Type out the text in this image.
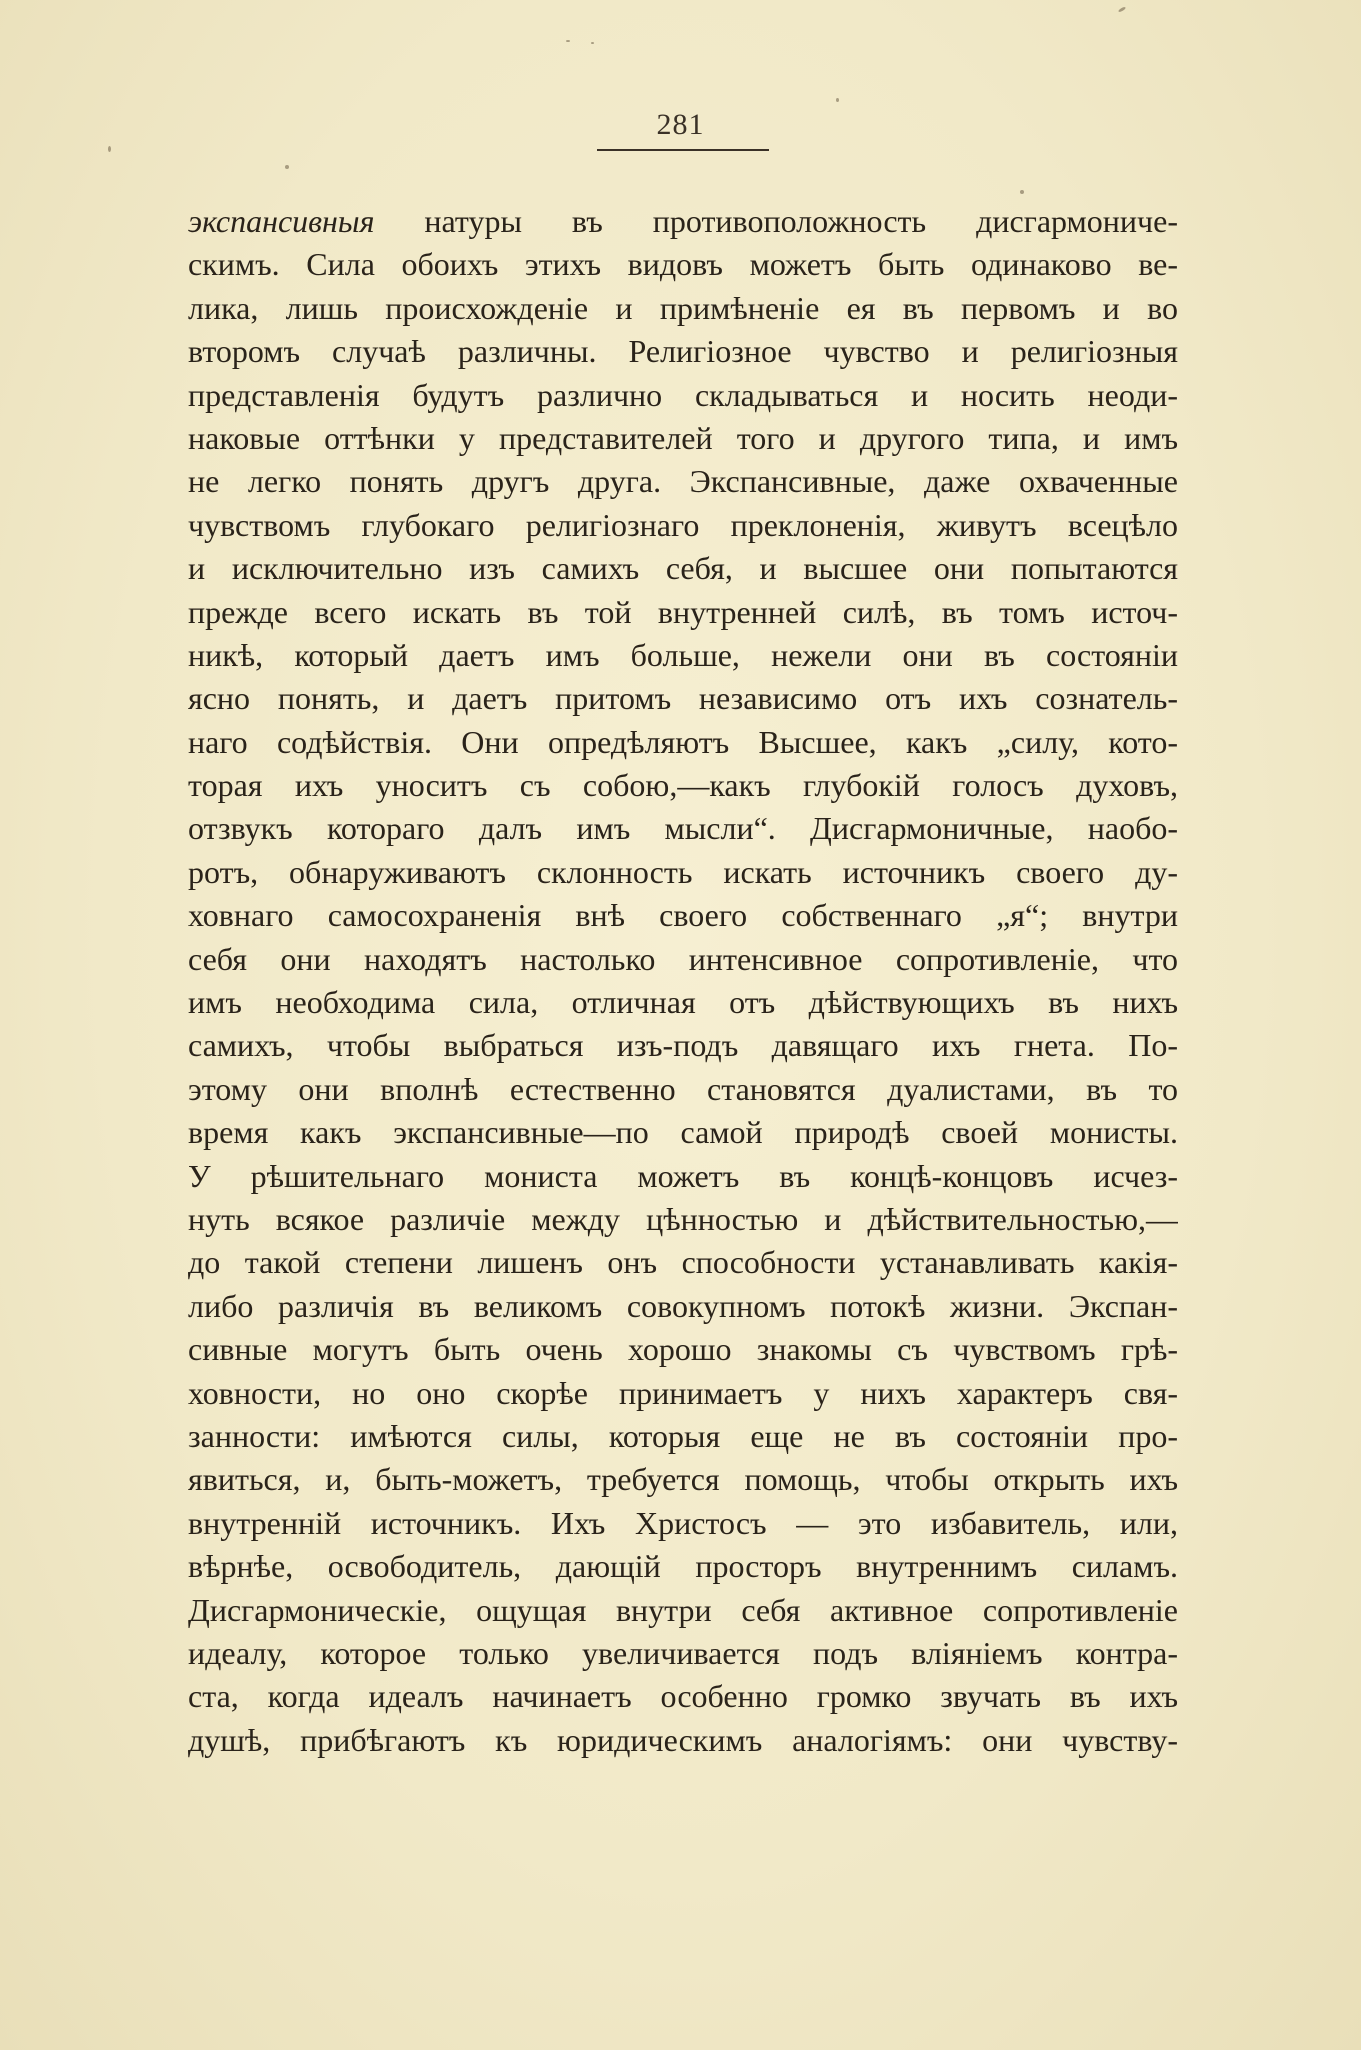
281
экспансивныя натуры въ противоположность дисгармониче-
скимъ. Сила обоихъ этихъ видовъ можетъ быть одинаково ве-
лика, лишь происхожденіе и примѣненіе ея въ первомъ и во
второмъ случаѣ различны. Религіозное чувство и религіозныя
представленія будутъ различно складываться и носить неоди-
наковые оттѣнки у представителей того и другого типа, и имъ
не легко понять другъ друга. Экспансивные, даже охваченные
чувствомъ глубокаго религіознаго преклоненія, живутъ всецѣло
и исключительно изъ самихъ себя, и высшее они попытаются
прежде всего искать въ той внутренней силѣ, въ томъ источ-
никѣ, который даетъ имъ больше, нежели они въ состояніи
ясно понять, и даетъ притомъ независимо отъ ихъ сознатель-
наго содѣйствія. Они опредѣляютъ Высшее, какъ „силу, кото-
торая ихъ уноситъ съ собою,—какъ глубокій голосъ духовъ,
отзвукъ котораго далъ имъ мысли“. Дисгармоничные, наобо-
ротъ, обнаруживаютъ склонность искать источникъ своего ду-
ховнаго самосохраненія внѣ своего собственнаго „я“; внутри
себя они находятъ настолько интенсивное сопротивленіе, что
имъ необходима сила, отличная отъ дѣйствующихъ въ нихъ
самихъ, чтобы выбраться изъ-подъ давящаго ихъ гнета. По-
этому они вполнѣ естественно становятся дуалистами, въ то
время какъ экспансивные—по самой природѣ своей монисты.
У рѣшительнаго мониста можетъ въ концѣ-концовъ исчез-
нуть всякое различіе между цѣнностью и дѣйствительностью,—
до такой степени лишенъ онъ способности устанавливать какія-
либо различія въ великомъ совокупномъ потокѣ жизни. Экспан-
сивные могутъ быть очень хорошо знакомы съ чувствомъ грѣ-
ховности, но оно скорѣе принимаетъ у нихъ характеръ свя-
занности: имѣются силы, которыя еще не въ состояніи про-
явиться, и, быть-можетъ, требуется помощь, чтобы открыть ихъ
внутренній источникъ. Ихъ Христосъ — это избавитель, или,
вѣрнѣе, освободитель, дающій просторъ внутреннимъ силамъ.
Дисгармоническіе, ощущая внутри себя активное сопротивленіе
идеалу, которое только увеличивается подъ вліяніемъ контра-
ста, когда идеалъ начинаетъ особенно громко звучать въ ихъ
душѣ, прибѣгаютъ къ юридическимъ аналогіямъ: они чувству-
